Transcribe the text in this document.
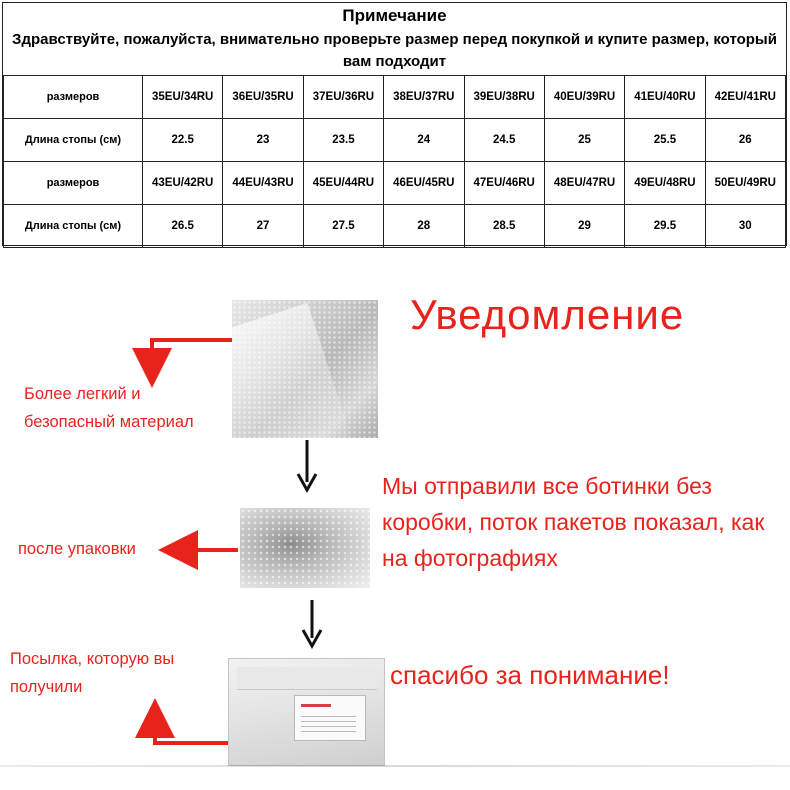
Примечание
Здравствуйте, пожалуйста, внимательно проверьте размер перед покупкой и купите размер, который вам подходит
размеров	35EU/34RU	36EU/35RU	37EU/36RU	38EU/37RU	39EU/38RU	40EU/39RU	41EU/40RU	42EU/41RU
Длина стопы (см)	22.5	23	23.5	24	24.5	25	25.5	26
размеров	43EU/42RU	44EU/43RU	45EU/44RU	46EU/45RU	47EU/46RU	48EU/47RU	49EU/48RU	50EU/49RU
Длина стопы (см)	26.5	27	27.5	28	28.5	29	29.5	30
Уведомление
Более легкий и безопасный материал
после упаковки
Посылка, которую вы получили
Мы отправили все ботинки без коробки, поток пакетов показал, как на фотографиях
спасибо за понимание!
